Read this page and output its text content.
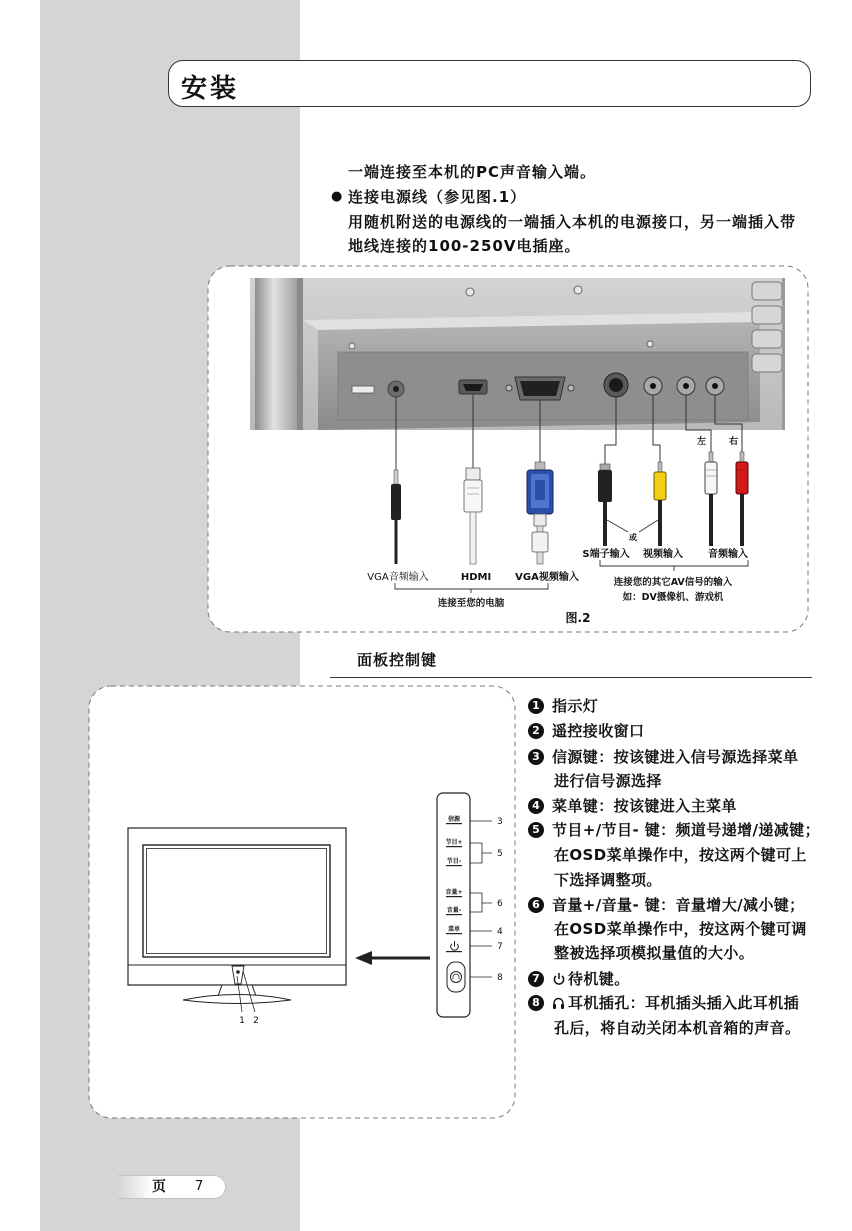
安装
一端连接至本机的PC声音输入端。
● 连接电源线（参见图.1）
用随机附送的电源线的一端插入本机的电源接口，另一端插入带
地线连接的100-250V电插座。
左	右
或
S端子输入 视频输入	音频输入
VGA音频输入	HDMI VGA视频输入	连接您的其它AV信号的输入
如：DV摄像机、游戏机
连接至您的电脑
图.2
面板控制键
1 2
信源
节目+
节目-
音量+
音量-
菜单
3
5
6
4
7
8
1 指示灯
2 遥控接收窗口
3 信源键：按该键进入信号源选择菜单
进行信号源选择
4 菜单键：按该键进入主菜单
5 节目+/节目- 键：频道号递增/递减键；
在OSD菜单操作中，按这两个键可上
下选择调整项。
6 音量+/音量- 键：音量增大/减小键；
在OSD菜单操作中，按这两个键可调
整被选择项模拟量值的大小。
7 待机键。
8 耳机插孔：耳机插头插入此耳机插
孔后，将自动关闭本机音箱的声音。
页 7
